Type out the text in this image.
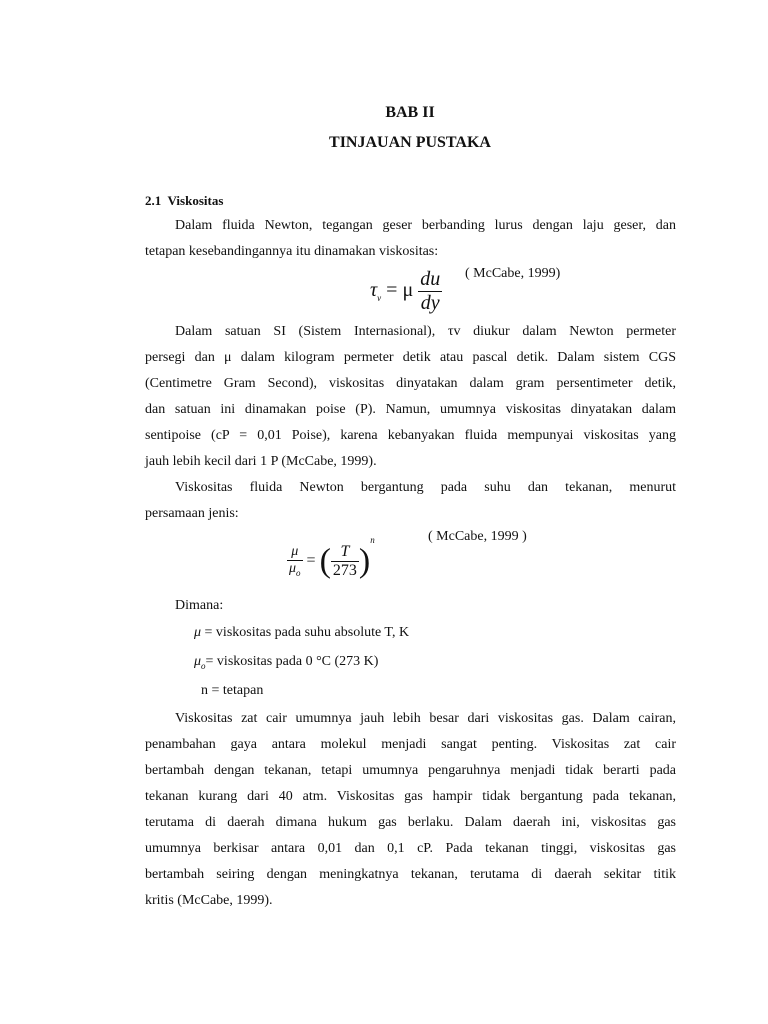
BAB II
TINJAUAN PUSTAKA
2.1 Viskositas
Dalam fluida Newton, tegangan geser berbanding lurus dengan laju geser, dan
tetapan kesebandingannya itu dinamakan viskositas:
$\tau_v = \mu \frac{du}{dy}$ ( McCabe, 1999)
Dalam satuan SI (Sistem Internasional), τv diukur dalam Newton permeter
persegi dan μ dalam kilogram permeter detik atau pascal detik. Dalam sistem CGS
(Centimetre Gram Second), viskositas dinyatakan dalam gram persentimeter detik,
dan satuan ini dinamakan poise (P). Namun, umumnya viskositas dinyatakan dalam
sentipoise (cP = 0,01 Poise), karena kebanyakan fluida mempunyai viskositas yang
jauh lebih kecil dari 1 P (McCabe, 1999).
Viskositas fluida Newton bergantung pada suhu dan tekanan, menurut
persamaan jenis:
$\frac{\mu}{\mu_o}$ = ( $\frac{T}{273} )^n$	( McCabe, 1999 )
Dimana:
μ = viskositas pada suhu absolute T, K
$\mu_o=$ viskositas pada 0 °C (273 K)
n = tetapan
Viskositas zat cair umumnya jauh lebih besar dari viskositas gas. Dalam cairan,
penambahan gaya antara molekul menjadi sangat penting. Viskositas zat cair
bertambah dengan tekanan, tetapi umumnya pengaruhnya menjadi tidak berarti pada
tekanan kurang dari 40 atm. Viskositas gas hampir tidak bergantung pada tekanan,
terutama di daerah dimana hukum gas berlaku. Dalam daerah ini, viskositas gas
umumnya berkisar antara 0,01 dan 0,1 cP. Pada tekanan tinggi, viskositas gas
bertambah seiring dengan meningkatnya tekanan, terutama di daerah sekitar titik
kritis (McCabe, 1999).
